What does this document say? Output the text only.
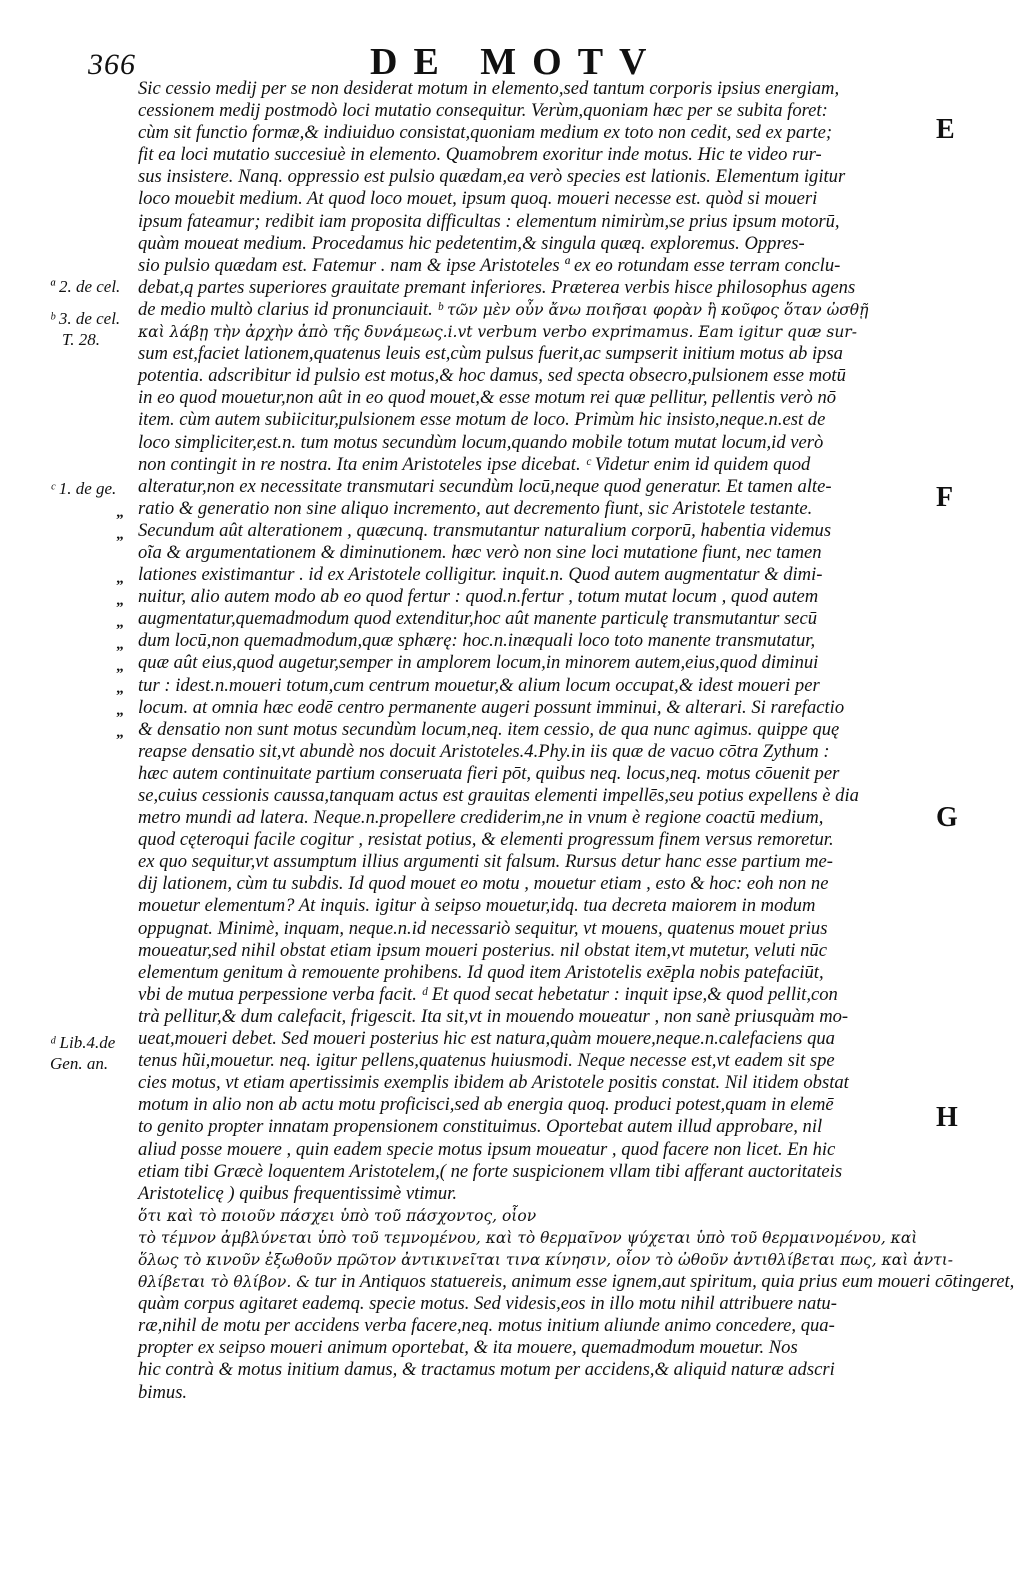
366	DE MOTV
Sic cessio medij per se non desiderat motum in elemento,sed tantum corporis ipsius energiam,
cessionem medij postmodò loci mutatio consequitur. Verùm,quoniam hæc per se subita foret:
cùm sit functio formæ,& indiuiduo consistat,quoniam medium ex toto non cedit, sed ex parte;
fit ea loci mutatio succesiuè in elemento. Quamobrem exoritur inde motus. Hic te video rur-
sus insistere. Nanq. oppressio est pulsio quædam,ea verò species est lationis. Elementum igitur
loco mouebit medium. At quod loco mouet, ipsum quoq. moueri necesse est. quòd si moueri
ipsum fateamur; redibit iam proposita difficultas : elementum nimirùm,se prius ipsum motorū,
quàm moueat medium. Procedamus hic pedetentim,& singula quæq. exploremus. Oppres-
sio pulsio quædam est. Fatemur . nam & ipse Aristoteles ª ex eo rotundam esse terram conclu-
debat,q partes superiores grauitate premant inferiores. Præterea verbis hisce philosophus agens
de medio multò clarius id pronunciauit. ᵇ τῶν μὲν οὖν ἄνω ποιῆσαι φορὰν ἢ κοῦφος ὅταν ὠσθῇ
καὶ λάβῃ τὴν ἀρχὴν ἀπὸ τῆς δυνάμεως.i.vt verbum verbo exprimamus. Eam igitur quæ sur-
sum est,faciet lationem,quatenus leuis est,cùm pulsus fuerit,ac sumpserit initium motus ab ipsa
potentia. adscribitur id pulsio est motus,& hoc damus, sed specta obsecro,pulsionem esse motū
in eo quod mouetur,non aût in eo quod mouet,& esse motum rei quæ pellitur, pellentis verò nō
item. cùm autem subiicitur,pulsionem esse motum de loco. Primùm hic insisto,neque.n.est de
loco simpliciter,est.n. tum motus secundùm locum,quando mobile totum mutat locum,id verò
non contingit in re nostra. Ita enim Aristoteles ipse dicebat. ᶜ Videtur enim id quidem quod
alteratur,non ex necessitate transmutari secundùm locū,neque quod generatur. Et tamen alte-
ratio & generatio non sine aliquo incremento, aut decremento fiunt, sic Aristotele testante.
Secundum aût alterationem , quæcunq. transmutantur naturalium corporū, habentia videmus
oĩa & argumentationem & diminutionem. hæc verò non sine loci mutatione fiunt, nec tamen
lationes existimantur . id ex Aristotele colligitur. inquit.n. Quod autem augmentatur & dimi-
nuitur, alio autem modo ab eo quod fertur : quod.n.fertur , totum mutat locum , quod autem
augmentatur,quemadmodum quod extenditur,hoc aût manente particulę transmutantur secū
dum locū,non quemadmodum,quæ sphærę: hoc.n.inæquali loco toto manente transmutatur,
quæ aût eius,quod augetur,semper in amplorem locum,in minorem autem,eius,quod diminui
tur : idest.n.moueri totum,cum centrum mouetur,& alium locum occupat,& idest moueri per
locum. at omnia hæc eodē centro permanente augeri possunt imminui, & alterari. Si rarefactio
& densatio non sunt motus secundùm locum,neq. item cessio, de qua nunc agimus. quippe quę
reapse densatio sit,vt abundè nos docuit Aristoteles.4.Phy.in iis quæ de vacuo cōtra Zythum :
hæc autem continuitate partium conseruata fieri pōt, quibus neq. locus,neq. motus cōuenit per
se,cuius cessionis caussa,tanquam actus est grauitas elementi impellēs,seu potius expellens è dia
metro mundi ad latera. Neque.n.propellere crediderim,ne in vnum è regione coactū medium,
quod cęteroqui facile cogitur , resistat potius, & elementi progressum finem versus remoretur.
ex quo sequitur,vt assumptum illius argumenti sit falsum. Rursus detur hanc esse partium me-
dij lationem, cùm tu subdis. Id quod mouet eo motu , mouetur etiam , esto & hoc: eoh non ne
mouetur elementum? At inquis. igitur à seipso mouetur,idq. tua decreta maiorem in modum
oppugnat. Minimè, inquam, neque.n.id necessariò sequitur, vt mouens, quatenus mouet prius
moueatur,sed nihil obstat etiam ipsum moueri posterius. nil obstat item,vt mutetur, veluti nūc
elementum genitum à remouente prohibens. Id quod item Aristotelis exēpla nobis patefaciūt,
vbi de mutua perpessione verba facit. ᵈ Et quod secat hebetatur : inquit ipse,& quod pellit,con
trà pellitur,& dum calefacit, frigescit. Ita sit,vt in mouendo moueatur , non sanè priusquàm mo-
ueat,moueri debet. Sed moueri posterius hic est natura,quàm mouere,neque.n.calefaciens qua
tenus hũi,mouetur. neq. igitur pellens,quatenus huiusmodi. Neque necesse est,vt eadem sit spe
cies motus, vt etiam apertissimis exemplis ibidem ab Aristotele positis constat. Nil itidem obstat
motum in alio non ab actu motu proficisci,sed ab energia quoq. produci potest,quam in elemē
to genito propter innatam propensionem constituimus. Oportebat autem illud approbare, nil
aliud posse mouere , quin eadem specie motus ipsum moueatur , quod facere non licet. En hic
etiam tibi Græcè loquentem Aristotelem,( ne forte suspicionem vllam tibi afferant auctoritateis
Aristotelicę ) quibus frequentissimè vtimur.
ὅτι καὶ τὸ ποιοῦν πάσχει ὑπὸ τοῦ πάσχοντος, οἷον
τὸ τέμνον ἀμβλύνεται ὑπὸ τοῦ τεμνομένου, καὶ τὸ θερμαῖνον ψύχεται ὑπὸ τοῦ θερμαινομένου, καὶ
ὅλως τὸ κινοῦν ἐξωθοῦν πρῶτον ἀντικινεῖται τινα κίνησιν, οἷον τὸ ὠθοῦν ἀντιθλίβεται πως, καὶ ἀντι-
θλίβεται τὸ θλίβον. & tur in Antiquos statuereis, animum esse ignem,aut spiritum, quia prius eum moueri cōtingeret,
quàm corpus agitaret eademq. specie motus. Sed videsis,eos in illo motu nihil attribuere natu-
ræ,nihil de motu per accidens verba facere,neq. motus initium aliunde animo concedere, qua-
propter ex seipso moueri animum oportebat, & ita mouere, quemadmodum mouetur. Nos
hic contrà & motus initium damus, & tractamus motum per accidens,& aliquid naturæ adscri
bimus.
ª 2. de cel.
ᵇ 3. de cel.
T. 28.
ᶜ 1. de ge.
ᵈ Lib.4.de
Gen. an.
”
”
”
”
”
”
”
”
”
”
E
F
G
H
